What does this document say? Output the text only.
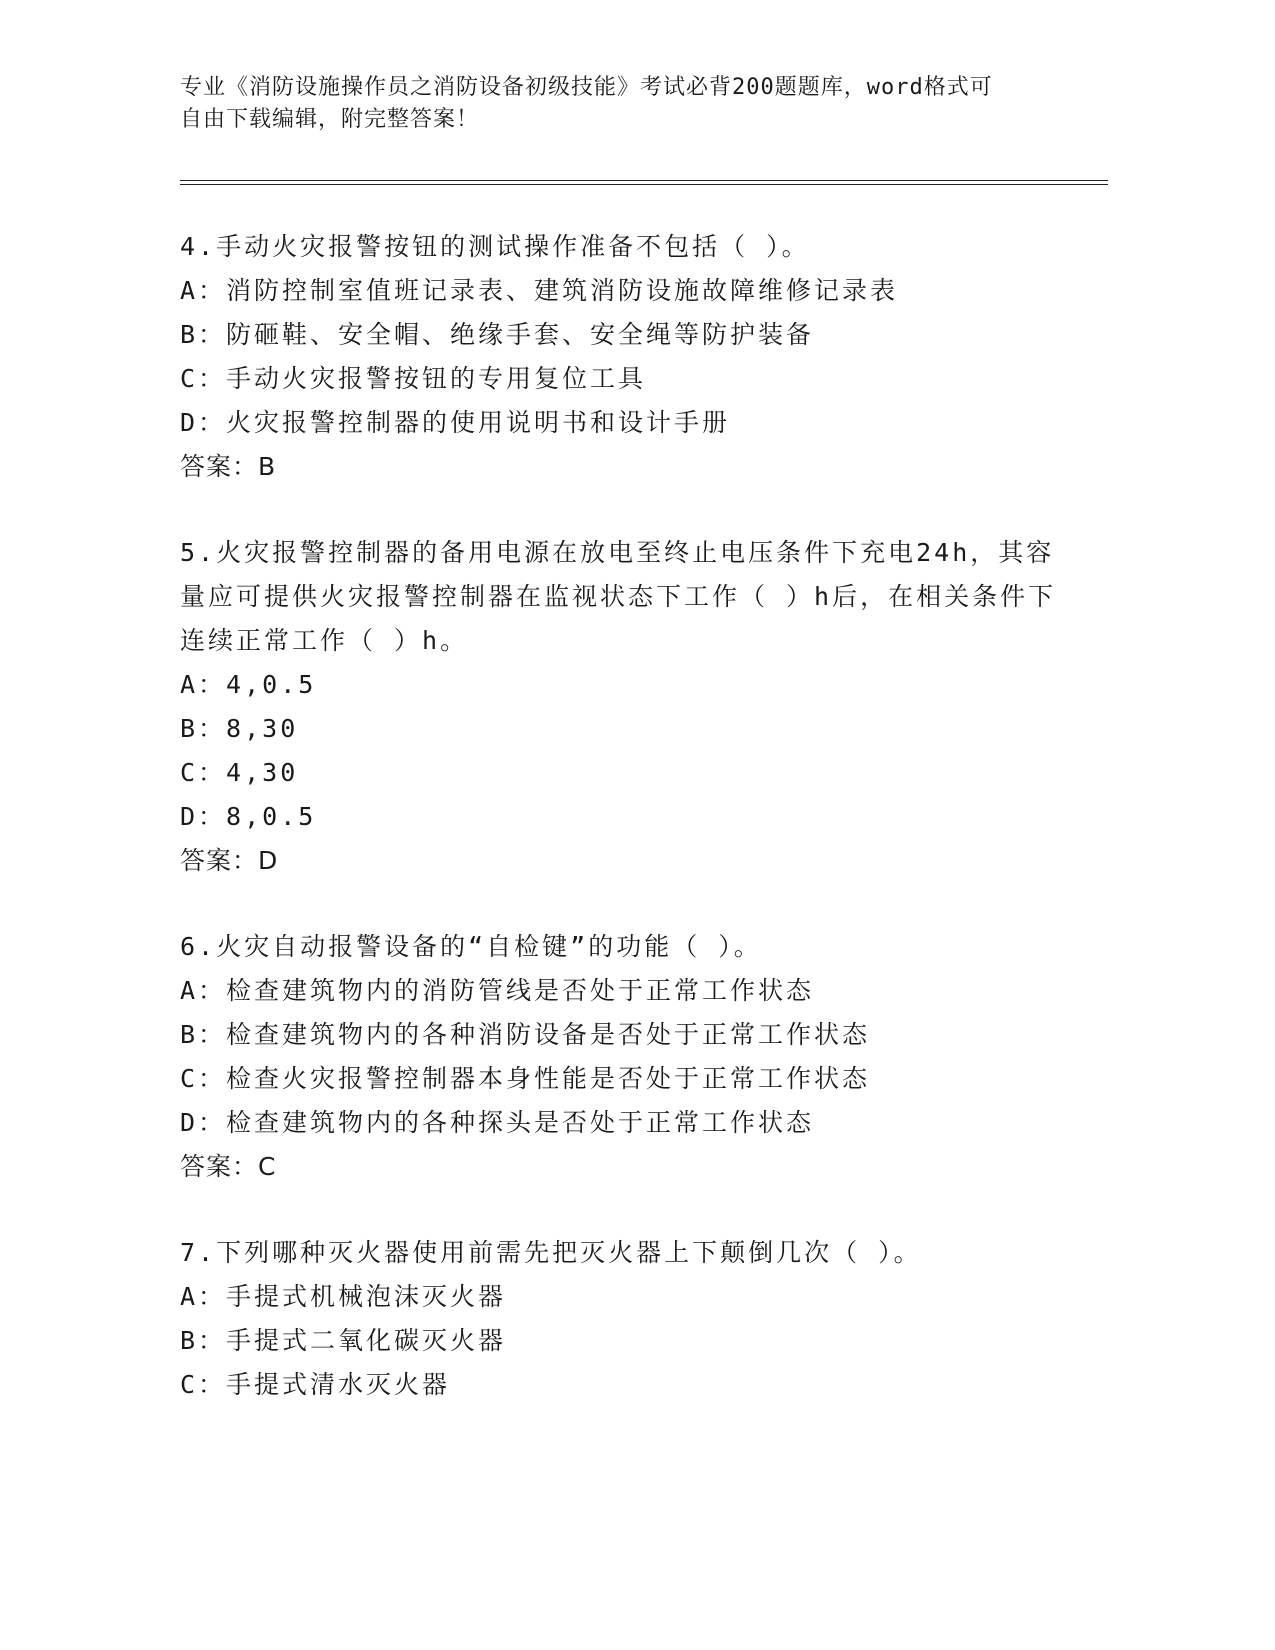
专业《消防设施操作员之消防设备初级技能》考试必背200题题库，word格式可
自由下载编辑，附完整答案！
4.手动火灾报警按钮的测试操作准备不包括（ ）。
A：消防控制室值班记录表、建筑消防设施故障维修记录表
B：防砸鞋、安全帽、绝缘手套、安全绳等防护装备
C：手动火灾报警按钮的专用复位工具
D：火灾报警控制器的使用说明书和设计手册
答案：B
5.火灾报警控制器的备用电源在放电至终止电压条件下充电24h，其容量应可提供火灾报警控制器在监视状态下工作（ ）h后，在相关条件下连续正常工作（ ）h。
A：4,0.5
B：8,30
C：4,30
D：8,0.5
答案：D
6.火灾自动报警设备的“自检键”的功能（ ）。
A：检查建筑物内的消防管线是否处于正常工作状态
B：检查建筑物内的各种消防设备是否处于正常工作状态
C：检查火灾报警控制器本身性能是否处于正常工作状态
D：检查建筑物内的各种探头是否处于正常工作状态
答案：C
7.下列哪种灭火器使用前需先把灭火器上下颠倒几次（ ）。
A：手提式机械泡沫灭火器
B：手提式二氧化碳灭火器
C：手提式清水灭火器
